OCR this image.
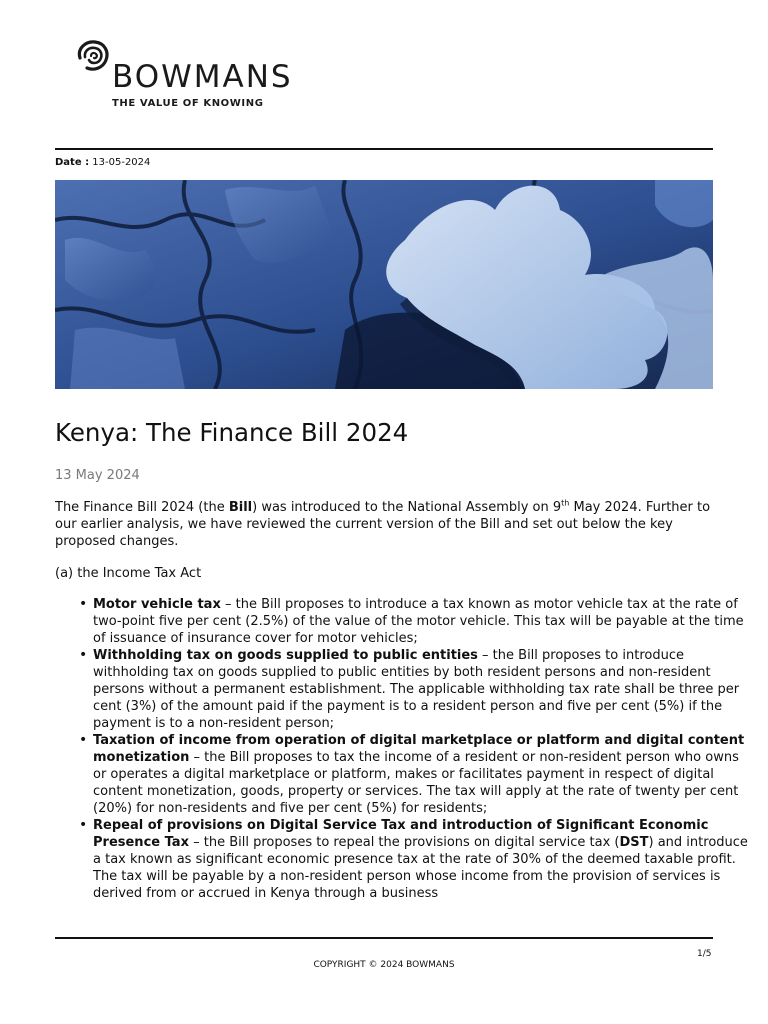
BOWMANS
THE VALUE OF KNOWING
Date : 13-05-2024
Kenya: The Finance Bill 2024
13 May 2024

The Finance Bill 2024 (the Bill) was introduced to the National Assembly on 9th May 2024. Further to our earlier analysis, we have reviewed the current version of the Bill and set out below the key proposed changes.

(a) the Income Tax Act
• Motor vehicle tax – the Bill proposes to introduce a tax known as motor vehicle tax at the rate of two-point five per cent (2.5%) of the value of the motor vehicle. This tax will be payable at the time of issuance of insurance cover for motor vehicles;
• Withholding tax on goods supplied to public entities – the Bill proposes to introduce withholding tax on goods supplied to public entities by both resident persons and non-resident persons without a permanent establishment. The applicable withholding tax rate shall be three per cent (3%) of the amount paid if the payment is to a resident person and five per cent (5%) if the payment is to a non-resident person;
• Taxation of income from operation of digital marketplace or platform and digital content monetization – the Bill proposes to tax the income of a resident or non-resident person who owns or operates a digital marketplace or platform, makes or facilitates payment in respect of digital content monetization, goods, property or services. The tax will apply at the rate of twenty per cent (20%) for non-residents and five per cent (5%) for residents;
• Repeal of provisions on Digital Service Tax and introduction of Significant Economic Presence Tax – the Bill proposes to repeal the provisions on digital service tax (DST) and introduce a tax known as significant economic presence tax at the rate of 30% of the deemed taxable profit. The tax will be payable by a non-resident person whose income from the provision of services is derived from or accrued in Kenya through a business
1/5
COPYRIGHT © 2024 BOWMANS
